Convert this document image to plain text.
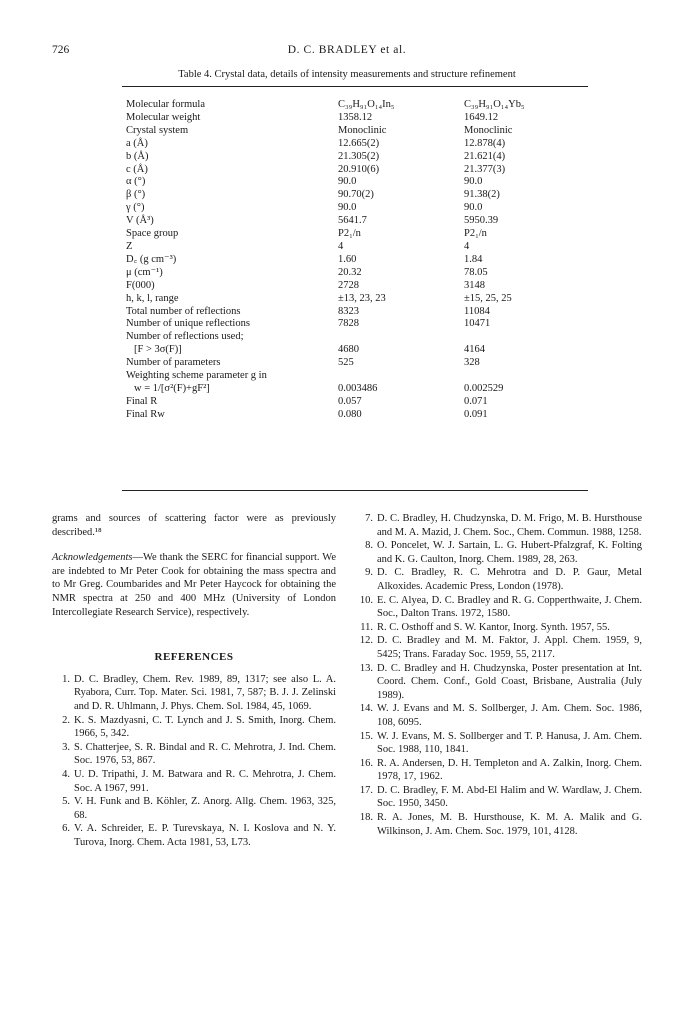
726	D. C. BRADLEY et al.
Table 4. Crystal data, details of intensity measurements and structure refinement
Molecular formula	C₃₉H₉₁O₁₄In₅	C₃₉H₉₁O₁₄Yb₅
Molecular weight	1358.12	1649.12
Crystal system	Monoclinic	Monoclinic
a (Å)	12.665(2)	12.878(4)
b (Å)	21.305(2)	21.621(4)
c (Å)	20.910(6)	21.377(3)
α (°)	90.0	90.0
β (°)	90.70(2)	91.38(2)
γ (°)	90.0	90.0
V (Å³)	5641.7	5950.39
Space group	P2₁/n	P2₁/n
Z	4	4
D꜀ (g cm⁻³)	1.60	1.84
μ (cm⁻¹)	20.32	78.05
F(000)	2728	3148
h, k, l, range	±13, 23, 23	±15, 25, 25
Total number of reflections	8323	11084
Number of unique reflections	7828	10471
Number of reflections used;		
[F > 3σ(F)]	4680	4164
Number of parameters	525	328
Weighting scheme parameter g in		
w = 1/[σ²(F)+gF²]	0.003486	0.002529
Final R	0.057	0.071
Final Rw	0.080	0.091

grams and sources of scattering factor were as previously described.¹⁸

Acknowledgements—We thank the SERC for financial support. We are indebted to Mr Peter Cook for obtaining the mass spectra and to Mr Greg. Coumbarides and Mr Peter Haycock for obtaining the NMR spectra at 250 and 400 MHz (University of London Intercollegiate Research Service), respectively.

REFERENCES
1. D. C. Bradley, Chem. Rev. 1989, 89, 1317; see also L. A. Ryabora, Curr. Top. Mater. Sci. 1981, 7, 587; B. J. J. Zelinski and D. R. Uhlmann, J. Phys. Chem. Sol. 1984, 45, 1069.
2. K. S. Mazdyasni, C. T. Lynch and J. S. Smith, Inorg. Chem. 1966, 5, 342.
3. S. Chatterjee, S. R. Bindal and R. C. Mehrotra, J. Ind. Chem. Soc. 1976, 53, 867.
4. U. D. Tripathi, J. M. Batwara and R. C. Mehrotra, J. Chem. Soc. A 1967, 991.
5. V. H. Funk and B. Köhler, Z. Anorg. Allg. Chem. 1963, 325, 68.
6. V. A. Schreider, E. P. Turevskaya, N. I. Koslova and N. Y. Turova, Inorg. Chem. Acta 1981, 53, L73.
7. D. C. Bradley, H. Chudzynska, D. M. Frigo, M. B. Hursthouse and M. A. Mazid, J. Chem. Soc., Chem. Commun. 1988, 1258.
8. O. Poncelet, W. J. Sartain, L. G. Hubert-Pfalzgraf, K. Folting and K. G. Caulton, Inorg. Chem. 1989, 28, 263.
9. D. C. Bradley, R. C. Mehrotra and D. P. Gaur, Metal Alkoxides. Academic Press, London (1978).
10. E. C. Alyea, D. C. Bradley and R. G. Copperthwaite, J. Chem. Soc., Dalton Trans. 1972, 1580.
11. R. C. Osthoff and S. W. Kantor, Inorg. Synth. 1957, 55.
12. D. C. Bradley and M. M. Faktor, J. Appl. Chem. 1959, 9, 5425; Trans. Faraday Soc. 1959, 55, 2117.
13. D. C. Bradley and H. Chudzynska, Poster presentation at Int. Coord. Chem. Conf., Gold Coast, Brisbane, Australia (July 1989).
14. W. J. Evans and M. S. Sollberger, J. Am. Chem. Soc. 1986, 108, 6095.
15. W. J. Evans, M. S. Sollberger and T. P. Hanusa, J. Am. Chem. Soc. 1988, 110, 1841.
16. R. A. Andersen, D. H. Templeton and A. Zalkin, Inorg. Chem. 1978, 17, 1962.
17. D. C. Bradley, F. M. Abd-El Halim and W. Wardlaw, J. Chem. Soc. 1950, 3450.
18. R. A. Jones, M. B. Hursthouse, K. M. A. Malik and G. Wilkinson, J. Am. Chem. Soc. 1979, 101, 4128.
